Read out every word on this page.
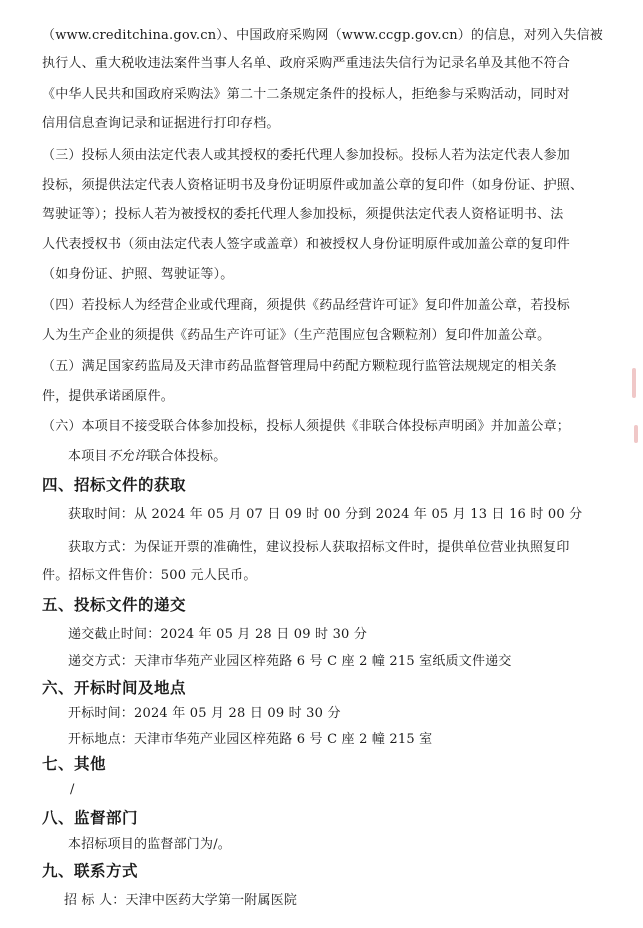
（www.creditchina.gov.cn）、中国政府采购网（www.ccgp.gov.cn）的信息，对列入失信被
执行人、重大税收违法案件当事人名单、政府采购严重违法失信行为记录名单及其他不符合
《中华人民共和国政府采购法》第二十二条规定条件的投标人，拒绝参与采购活动，同时对
信用信息查询记录和证据进行打印存档。
（三）投标人须由法定代表人或其授权的委托代理人参加投标。投标人若为法定代表人参加
投标，须提供法定代表人资格证明书及身份证明原件或加盖公章的复印件（如身份证、护照、
驾驶证等）；投标人若为被授权的委托代理人参加投标，须提供法定代表人资格证明书、法
人代表授权书（须由法定代表人签字或盖章）和被授权人身份证明原件或加盖公章的复印件
（如身份证、护照、驾驶证等）。
（四）若投标人为经营企业或代理商，须提供《药品经营许可证》复印件加盖公章，若投标
人为生产企业的须提供《药品生产许可证》（生产范围应包含颗粒剂）复印件加盖公章。
（五）满足国家药监局及天津市药品监督管理局中药配方颗粒现行监管法规规定的相关条
件，提供承诺函原件。
（六）本项目不接受联合体参加投标，投标人须提供《非联合体投标声明函》并加盖公章；
本项目不允许联合体投标。
四、招标文件的获取
获取时间：从 2024 年 05 月 07 日 09 时 00 分到 2024 年 05 月 13 日 16 时 00 分
获取方式：为保证开票的准确性，建议投标人获取招标文件时，提供单位营业执照复印
件。招标文件售价：500 元人民币。
五、投标文件的递交
递交截止时间：2024 年 05 月 28 日 09 时 30 分
递交方式：天津市华苑产业园区梓苑路 6 号 C 座 2 幢 215 室纸质文件递交
六、开标时间及地点
开标时间：2024 年 05 月 28 日 09 时 30 分
开标地点：天津市华苑产业园区梓苑路 6 号 C 座 2 幢 215 室
七、其他
/
八、监督部门
本招标项目的监督部门为/。
九、联系方式
招 标 人：天津中医药大学第一附属医院
